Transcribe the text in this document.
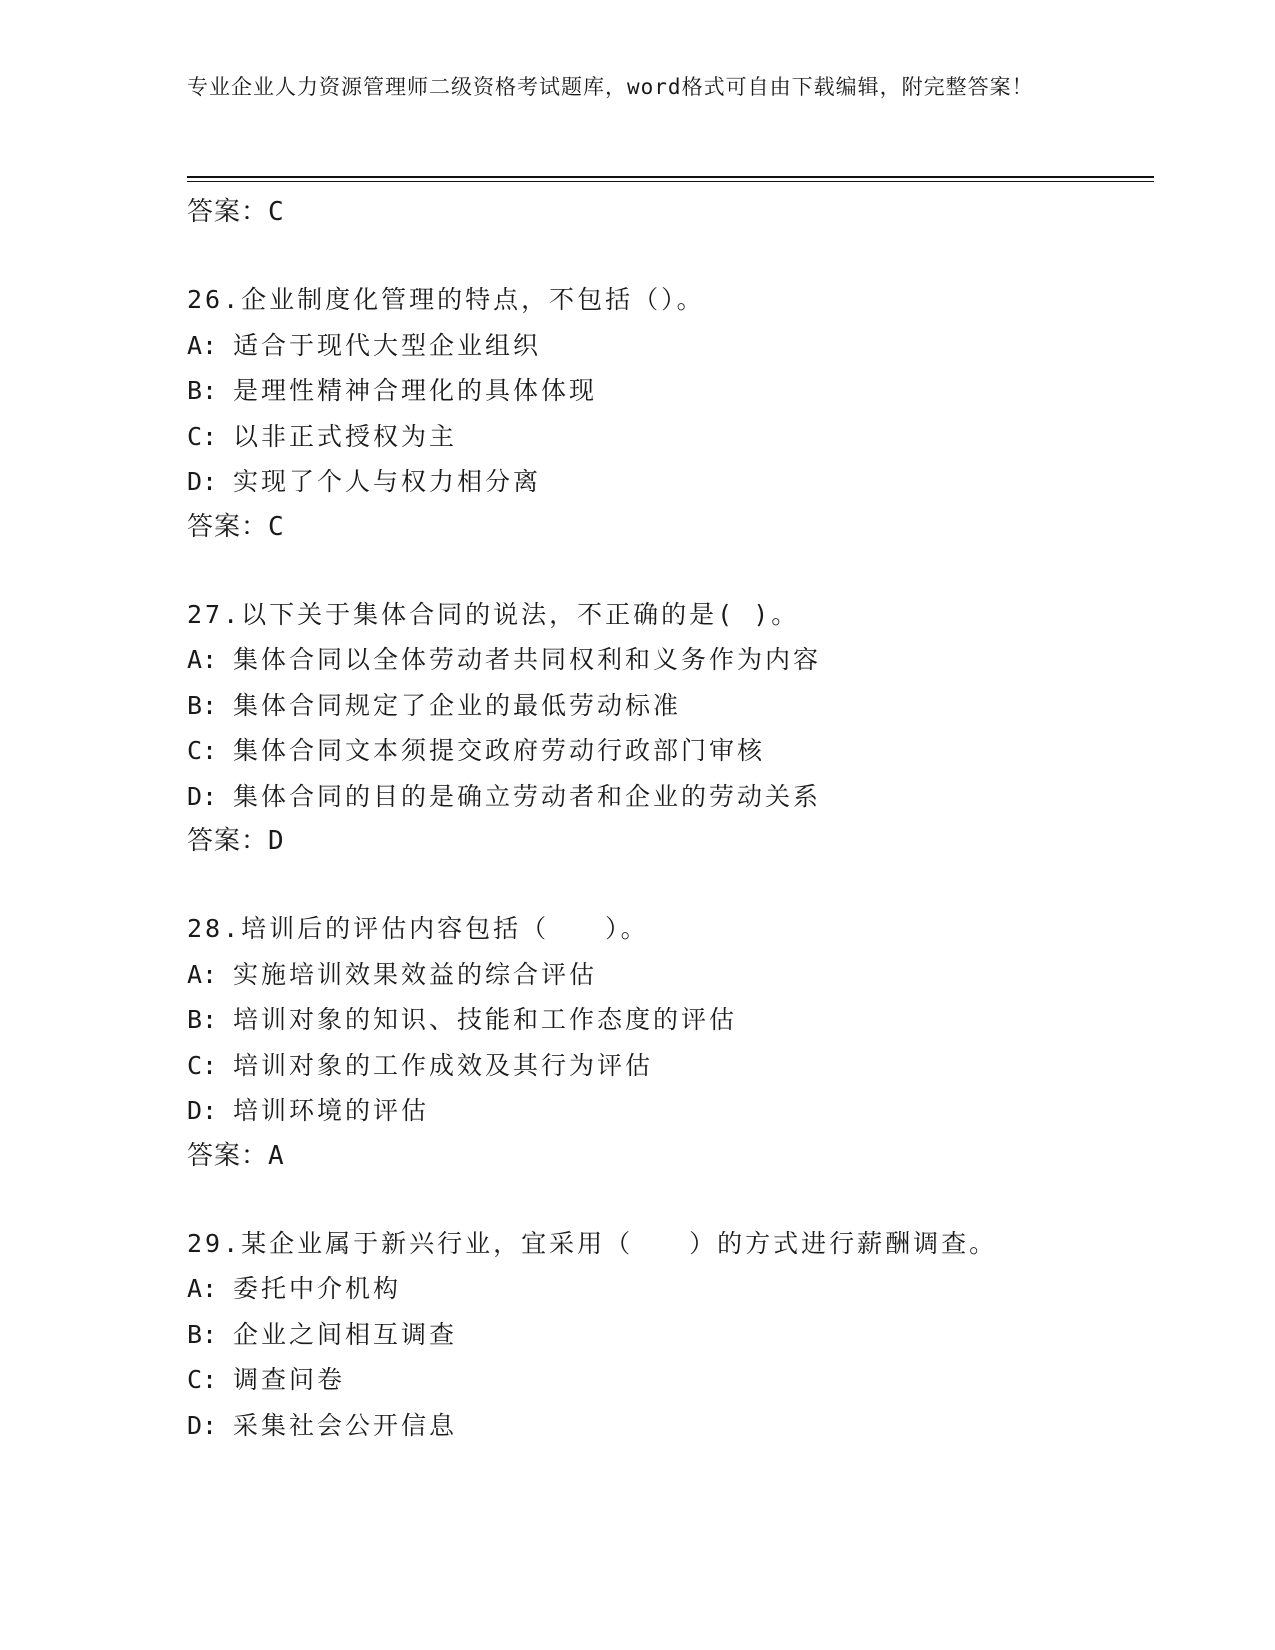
专业企业人力资源管理师二级资格考试题库，word格式可自由下载编辑，附完整答案！
答案：C
26.企业制度化管理的特点，不包括（）。
A: 适合于现代大型企业组织
B: 是理性精神合理化的具体体现
C: 以非正式授权为主
D: 实现了个人与权力相分离
答案：C
27.以下关于集体合同的说法，不正确的是( )。
A: 集体合同以全体劳动者共同权利和义务作为内容
B: 集体合同规定了企业的最低劳动标准
C: 集体合同文本须提交政府劳动行政部门审核
D: 集体合同的目的是确立劳动者和企业的劳动关系
答案：D
28.培训后的评估内容包括（　　）。
A: 实施培训效果效益的综合评估
B: 培训对象的知识、技能和工作态度的评估
C: 培训对象的工作成效及其行为评估
D: 培训环境的评估
答案：A
29.某企业属于新兴行业，宜采用（　　）的方式进行薪酬调查。
A: 委托中介机构
B: 企业之间相互调查
C: 调查问卷
D: 采集社会公开信息
